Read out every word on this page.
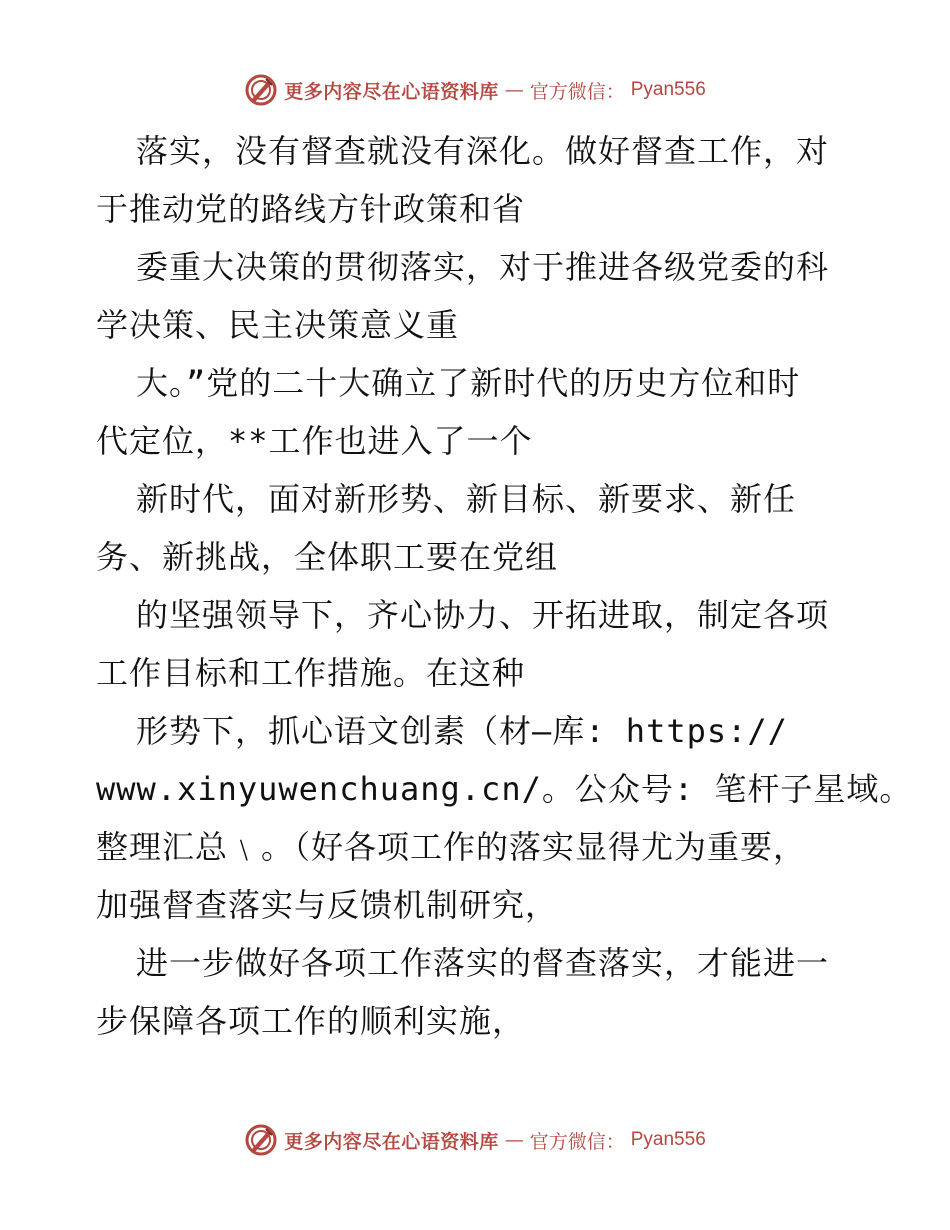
更多内容尽在心语资料库 — 官方微信： Pyan556
落实，没有督查就没有深化。做好督查工作，对
于推动党的路线方针政策和省
委重大决策的贯彻落实，对于推进各级党委的科
学决策、民主决策意义重
大。”党的二十大确立了新时代的历史方位和时
代定位，**工作也进入了一个
新时代，面对新形势、新目标、新要求、新任
务、新挑战，全体职工要在党组
的坚强领导下，齐心协力、开拓进取，制定各项
工作目标和工作措施。在这种
形势下，抓心语文创素（材—库: https://
www.xinyuwenchuang.cn/。公众号: 笔杆子星域。
整理汇总﹨。（好各项工作的落实显得尤为重要，
加强督查落实与反馈机制研究，
进一步做好各项工作落实的督查落实，才能进一
步保障各项工作的顺利实施，
更多内容尽在心语资料库 — 官方微信： Pyan556
